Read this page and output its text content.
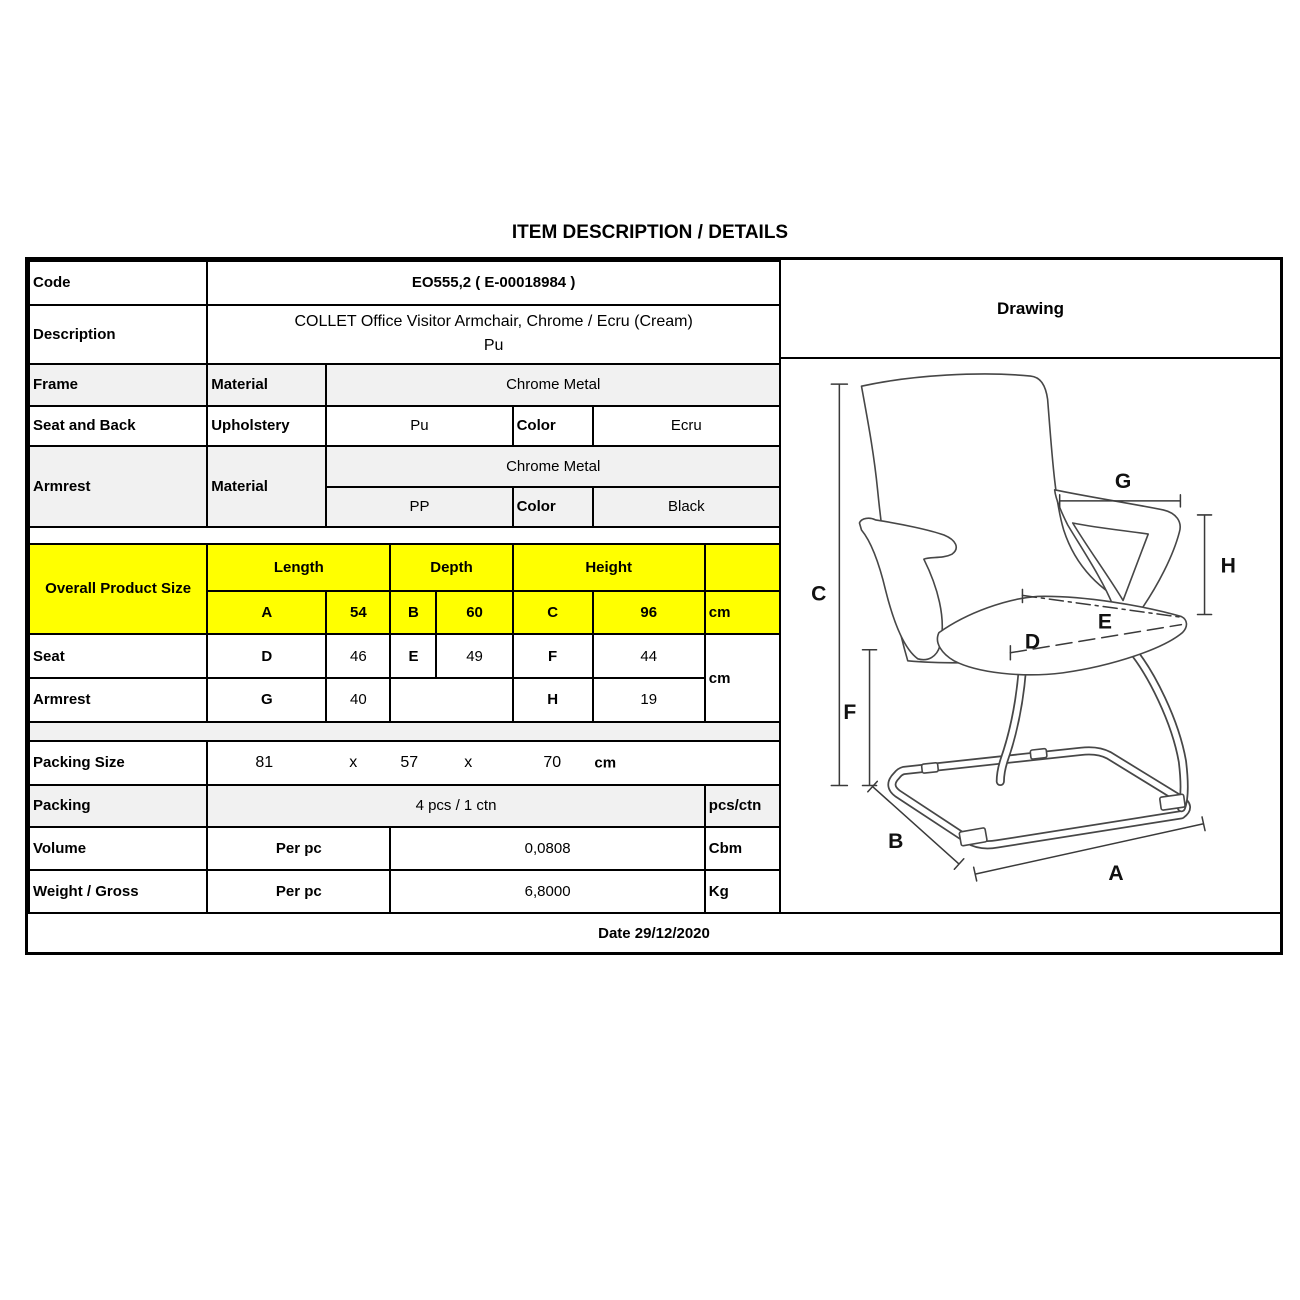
ITEM DESCRIPTION / DETAILS
Code	EO555,2 ( E-00018984 )						
Description	COLLET Office Visitor Armchair, Chrome / Ecru (Cream)
Pu						

Frame	Material	Chrome Metal					
Seat and Back	Upholstery	Pu			Color	Ecru	
Armrest	Material	Chrome Metal					
		PP			Color	Black	

Overall Product Size	Length		Depth		Height		
	A	54	B	60	C	96	cm
Seat	D	46	E	49	F	44	cm
Armrest	G	40			H	19	

Packing Size	81	x	57	x	70 cm

Packing	4 pcs / 1 ctn						pcs/ctn
Volume	Per pc		0,0808				Cbm
Weight / Gross	Per pc		6,8000				Kg
Drawing
C
F
G
H
E
D
B
A
Date 29/12/2020
